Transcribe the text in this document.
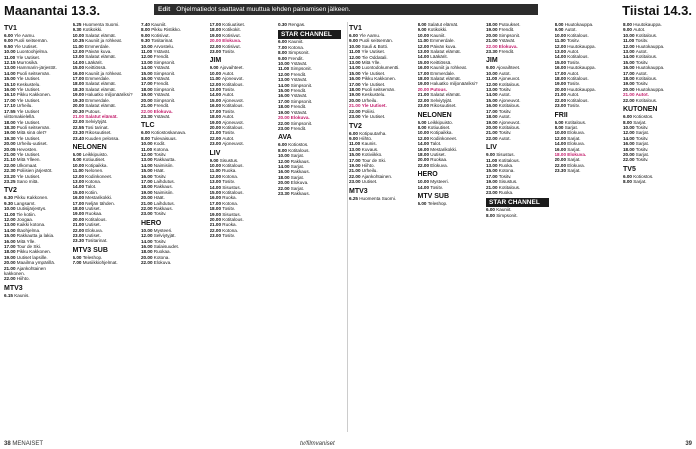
Maanantai 13.3.	Edit Ohjelmatiedot saattavat muuttua lehden painamisen jälkeen.	Tiistai 14.3.
TV1
6.00 Yle Aamu.
9.00 Puoli seitsemän.
9.50 Yle Uutiset.
10.00 Luontoohjelma.
11.00 Yle Uutiset.
12.15 Murrosikä.
13.00 Hammarin-järjestöt.
14.00 Puoli seitsemän.
15.00 Yle Uutiset.
15.10 Keskustelu.
16.00 Yle Uutiset.
16.10 Pikku Kakkonen.
17.00 Yle Uutiset.
17.10 Urheilu.
17.55 Yle Uutiset viittomakielellä.
18.00 Yle Uutiset.
18.30 Puoli seitsemän.
19.00 Mitä sinä olet?
19.30 Yle Uutiset.
20.00 Urheilu-uutiset.
20.05 Hevosten.
21.00 Yle Uutiset.
21.10 Mitä Ylleen.
22.00 Ulkomaat.
22.30 Poliisien järjestöt.
23.20 Yle Uutiset.
23.25 Sano mitä.
TV2
6.30 Pikku Kakkonen.
9.30 Langsamt.
10.00 Uutisijärjestys.
11.00 Tie kotiin.
12.00 Joogaa.
13.00 Kaikki kotona.
14.00 Iltaohjelma.
15.00 Rakkautta ja lakia.
16.00 Mitä Ylle.
17.00 Tour de Ski.
18.00 Pikku Kakkonen.
19.00 Uutiset lapsille.
20.00 Maailma ympärillä.
21.00 Ajankohtainen kakkonen.
22.00 Hiihto.
MTV3
6.15 Kaunis.
6.25 Huomenta Suomi.
9.30 Kotikokki.
10.00 Salatut elämät.
10.35 Kauniit ja rohkeat.
11.00 Emmerdale.
12.00 Päivän kuva.
13.00 Salatut elämät.
14.00 Lääkärit.
15.00 Keittiössä.
16.00 Kauniit ja rohkeat.
17.00 Emmerdale.
18.00 Salatut elämät.
18.30 Salatut elämät.
19.00 Haluatko miljonääriksi?
19.30 Emmerdale.
20.00 Salatut elämät.
20.30 Putous.
21.00 Salatut elämät.
22.00 Selviytyjät.
22.55 Tosi tarinat.
23.30 Rikosuutiset.
23.40 Kuuden pelossa.
NELONEN
6.00 Leikkipuisto.
8.00 Kotiuutiset.
10.00 Kotipaikka.
11.00 Nelonen.
12.00 Kodinkoneet.
13.00 Kotona.
14.00 Talot.
15.00 Kotiin.
16.00 Mestarikokki.
17.00 Neljän tähden.
18.00 Uutiset.
19.00 Ruokaa.
20.00 Kotitalous.
21.00 Uutiset.
22.00 Elokuva.
23.00 Uutiset.
23.30 Tositarinat.
MTV3 SUB
6.00 Teleshop.
7.00 Musiikkiohjelmat.
7.40 Kauniit.
8.00 Pikku Ristikko.
9.00 Kotisivut.
9.30 Tositarinat.
10.00 Arvostelu.
11.00 Ystävät.
12.00 Frendit.
13.00 Simpsonit.
14.00 Ystävät.
15.00 Simpsonit.
16.00 Ystävät.
17.00 Frendit.
18.00 Simpsonit.
19.00 Ystävät.
20.00 Simpsonit.
21.00 Frendit.
22.00 Elokuva.
23.30 Ystävät.
TLC
6.00 Kotiostoskanava.
8.00 Tulevaisuus.
10.00 Kodit.
11.00 Kotona.
12.00 Tositv.
13.00 Rakkautta.
14.00 Naimisiin.
15.00 Häät.
16.00 Tositv.
17.00 Laihdutus.
18.00 Rakkaus.
19.00 Naimisiin.
20.00 Häät.
21.00 Laihdutus.
22.00 Rakkaus.
23.00 Tositv.
HERO
10.00 Mysteeri.
12.00 Selviytyjät.
14.00 Tositv.
16.00 Salaisuudet.
18.00 Ruokaa.
20.00 Kotona.
22.00 Elokuva.
17.00 Kotiuutiset.
18.00 Kotikokit.
19.00 Kotisivut.
20.00 Elokuva.
22.00 Kotisivut.
23.00 Tositv.
JIM
9.00 Ajovaihteet.
10.00 Autot.
11.00 Ajoneuvot.
12.00 Kotitalous.
13.00 Tositv.
14.00 Autot.
15.00 Ajoneuvot.
16.00 Kotitalous.
17.00 Tositv.
18.00 Autot.
19.00 Ajoneuvot.
20.00 Kotitalous.
21.00 Tositv.
22.00 Autot.
23.00 Ajoneuvot.
LIV
9.00 Sisustus.
10.00 Kotitalous.
11.00 Ruoka.
12.00 Kotona.
13.00 Tositv.
14.00 Sisustus.
15.00 Kotitalous.
16.00 Ruoka.
17.00 Kotona.
18.00 Tositv.
19.00 Sisustus.
20.00 Kotitalous.
21.00 Ruoka.
22.00 Kotona.
23.00 Tositv.
0.30 Rengas.
STAR CHANNEL
6.00 Kauniit.
7.00 Kotona.
8.00 Simpsonit.
9.00 Frendit.
10.00 Ystävät.
11.00 Simpsonit.
12.00 Frendit.
13.00 Ystävät.
14.00 Simpsonit.
15.00 Frendit.
16.00 Ystävät.
17.00 Simpsonit.
18.00 Frendit.
19.00 Ystävät.
20.00 Elokuva.
22.00 Simpsonit.
23.00 Frendit.
AVA
6.00 Kotiostos.
8.00 Kotitalous.
10.00 Sarjat.
12.00 Rakkaus.
14.00 Sarjat.
16.00 Rakkaus.
18.00 Sarjat.
20.00 Elokuva.
22.00 Sarjat.
23.30 Rakkaus.
TV1
6.00 Yle Aamu.
9.00 Puoli seitsemän.
10.00 Sauli & Botti.
11.00 Yle Uutiset.
12.00 Tie Oddatali.
13.00 Mitä Ylle.
14.00 Luontodokumentti.
15.00 Yle Uutiset.
16.00 Pikku Kakkonen.
17.00 Yle Uutiset.
18.00 Puoli seitsemän.
19.00 Keskustelu.
20.00 Urheilu.
21.00 Yle Uutiset.
22.00 Poliisi.
23.00 Yle Uutiset.
TV2
6.00 Kotipuutarha.
9.00 Hiihto.
11.00 Kaunis.
13.00 Kuvaus.
15.00 Kotiviikko.
17.00 Tour de Ski.
19.00 Hiihto.
21.00 Urheilu.
22.00 Ajankohtainen.
23.00 Uutiset.
MTV3
6.25 Huomenta Suomi.
8.00 Salatut elämät.
9.00 Kotikokki.
10.00 Kauniit.
11.00 Emmerdale.
12.00 Päivän kuva.
13.00 Salatut elämät.
14.00 Lääkärit.
15.00 Keittiössä.
16.00 Kauniit ja rohkeat.
17.00 Emmerdale.
18.00 Salatut elämät.
19.00 Haluatko miljonääriksi?
20.00 Putous.
21.00 Salatut elämät.
22.00 Selviytyjät.
23.00 Rikosuutiset.
NELONEN
6.00 Leikkipuisto.
8.00 Kotiuutiset.
10.00 Kotipaikka.
12.00 Kodinkoneet.
14.00 Talot.
16.00 Mestarikokki.
18.00 Uutiset.
20.00 Ruokaa.
22.00 Elokuva.
HERO
10.00 Mysteeri.
14.00 Tositv.
MTV SUB
6.00 Teleshop.
18.00 Putoukset.
19.00 Frendit.
20.00 Simpsonit.
21.00 Ystävät.
22.00 Elokuva.
23.30 Frendit.
JIM
9.00 Ajovaihteet.
10.00 Autot.
11.00 Ajoneuvot.
12.00 Kotitalous.
13.00 Tositv.
14.00 Autot.
15.00 Ajoneuvot.
16.00 Kotitalous.
17.00 Tositv.
18.00 Autot.
19.00 Ajoneuvot.
20.00 Kotitalous.
21.00 Tositv.
22.00 Autot.
LIV
9.00 Sisustus.
11.00 Kotitalous.
13.00 Ruoka.
15.00 Kotona.
17.00 Tositv.
19.00 Sisustus.
21.00 Kotitalous.
23.00 Ruoka.
STAR CHANNEL
6.00 Kauniit.
8.00 Simpsonit.
8.00 Huutokauppa.
9.00 Autot.
10.00 Kotitalous.
11.00 Tositv.
12.00 Huutokauppa.
13.00 Autot.
14.00 Kotitalous.
15.00 Tositv.
16.00 Huutokauppa.
17.00 Autot.
18.00 Kotitalous.
19.00 Tositv.
20.00 Huutokauppa.
21.00 Autot.
22.00 Kotitalous.
23.00 Tositv.
FRII
6.00 Kotitalous.
8.00 Sarjat.
10.00 Elokuva.
12.00 Sarjat.
14.00 Elokuva.
16.00 Sarjat.
18.00 Elokuva.
20.00 Sarjat.
22.00 Elokuva.
23.30 Sarjat.
8.00 Huutokauppa.
9.00 Autot.
10.00 Kotitalous.
11.00 Tositv.
12.00 Huutokauppa.
13.00 Autot.
14.00 Kotitalous.
15.00 Tositv.
16.00 Huutokauppa.
17.00 Autot.
18.00 Kotitalous.
19.00 Tositv.
20.00 Huutokauppa.
21.00 Autot.
22.00 Kotitalous.
KUTONEN
6.00 Kotiostos.
8.00 Sarjat.
10.00 Tositv.
12.00 Sarjat.
14.00 Tositv.
16.00 Sarjat.
18.00 Tositv.
20.00 Sarjat.
22.00 Tositv.
TV5
6.00 Kotiostos.
8.00 Sarjat.
38 MENAISET	tv/filmvaniset	39
